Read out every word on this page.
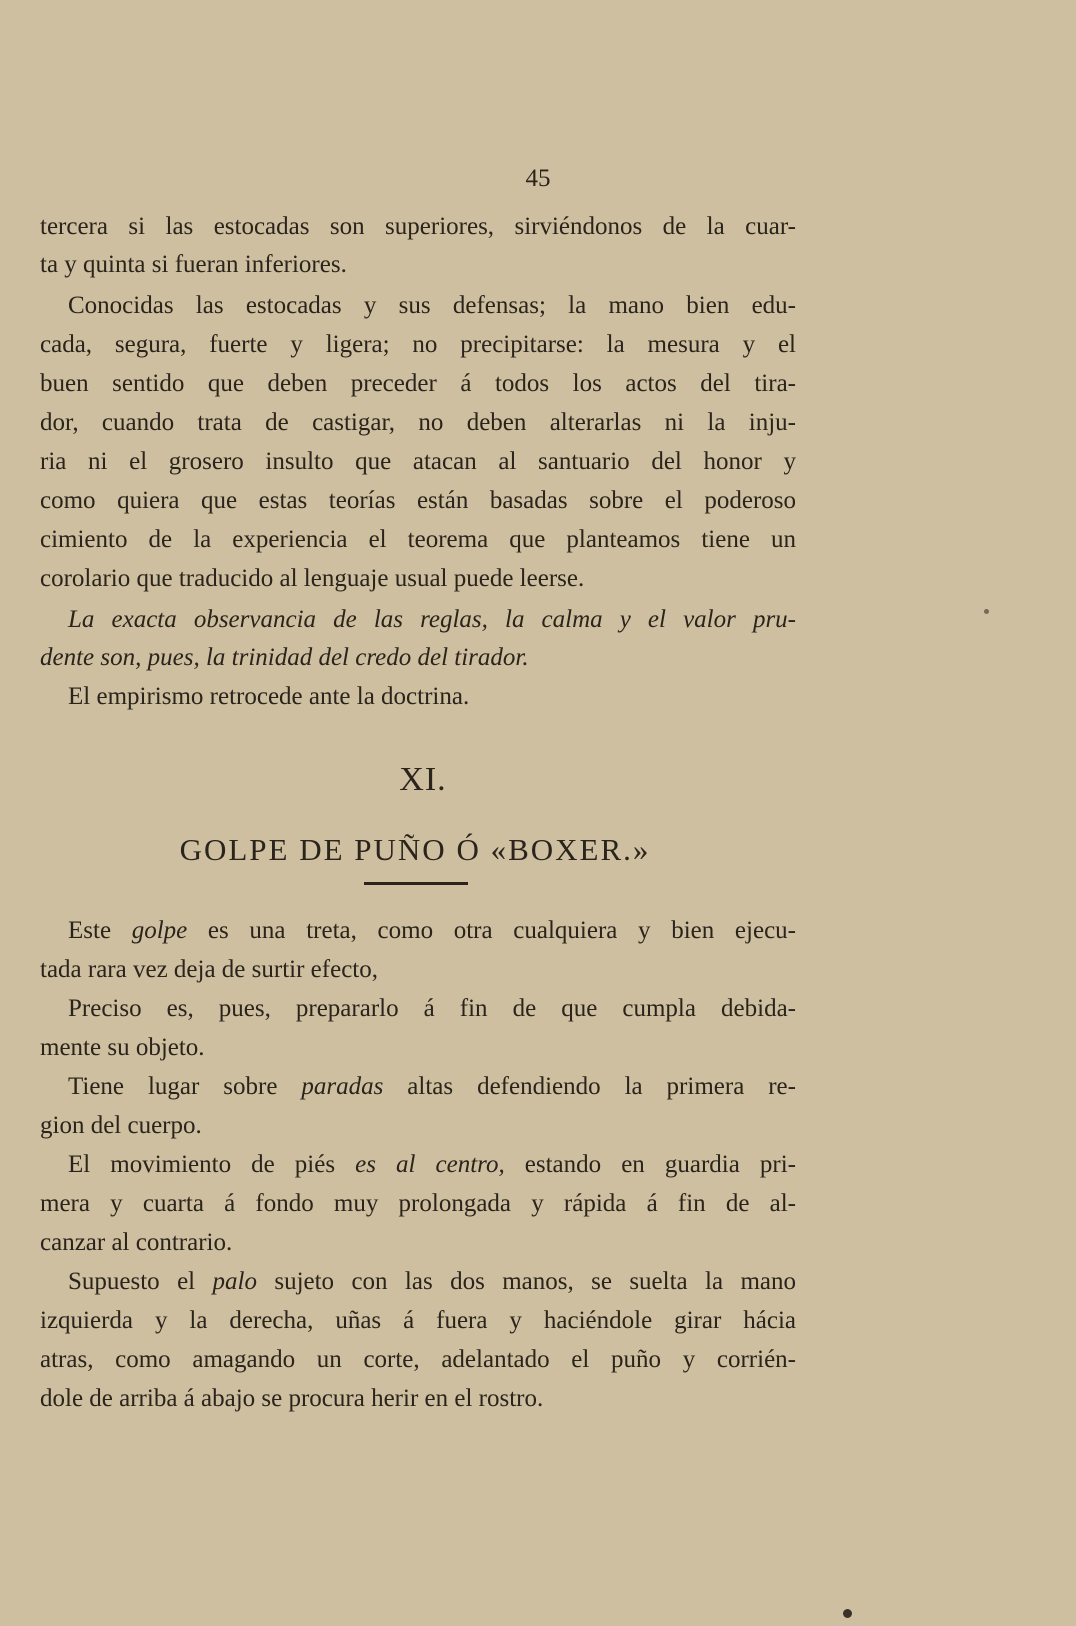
45
tercera si las estocadas son superiores, sirviéndonos de la cuar-
ta y quinta si fueran inferiores.
Conocidas las estocadas y sus defensas; la mano bien edu-
cada, segura, fuerte y ligera; no precipitarse: la mesura y el
buen sentido que deben preceder á todos los actos del tira-
dor, cuando trata de castigar, no deben alterarlas ni la inju-
ria ni el grosero insulto que atacan al santuario del honor y
como quiera que estas teorías están basadas sobre el poderoso
cimiento de la experiencia el teorema que planteamos tiene un
corolario que traducido al lenguaje usual puede leerse.
La exacta observancia de las reglas, la calma y el valor pru-
dente son, pues, la trinidad del credo del tirador.
El empirismo retrocede ante la doctrina.
XI.
GOLPE DE PUÑO Ó «BOXER.»
Este golpe es una treta, como otra cualquiera y bien ejecu-
tada rara vez deja de surtir efecto,
Preciso es, pues, prepararlo á fin de que cumpla debida-
mente su objeto.
Tiene lugar sobre paradas altas defendiendo la primera re-
gion del cuerpo.
El movimiento de piés es al centro, estando en guardia pri-
mera y cuarta á fondo muy prolongada y rápida á fin de al-
canzar al contrario.
Supuesto el palo sujeto con las dos manos, se suelta la mano
izquierda y la derecha, uñas á fuera y haciéndole girar hácia
atras, como amagando un corte, adelantado el puño y corrién-
dole de arriba á abajo se procura herir en el rostro.
